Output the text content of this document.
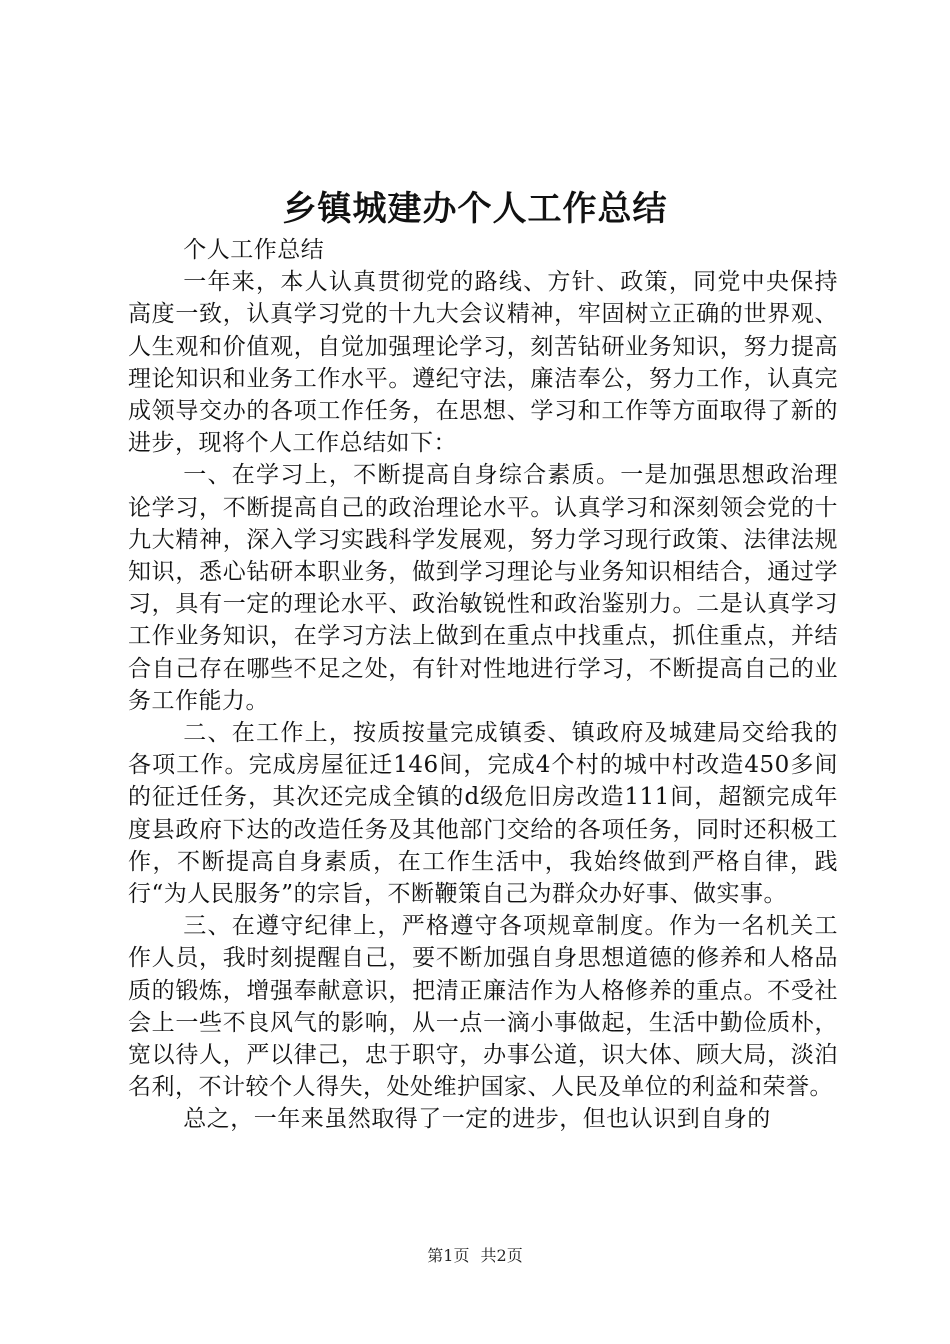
乡镇城建办个人工作总结

个人工作总结

一年来，本人认真贯彻党的路线、方针、政策，同党中央保持高度一致，认真学习党的十九大会议精神，牢固树立正确的世界观、人生观和价值观，自觉加强理论学习，刻苦钻研业务知识，努力提高理论知识和业务工作水平。遵纪守法，廉洁奉公，努力工作，认真完成领导交办的各项工作任务，在思想、学习和工作等方面取得了新的进步，现将个人工作总结如下：

一、在学习上，不断提高自身综合素质。一是加强思想政治理论学习，不断提高自己的政治理论水平。认真学习和深刻领会党的十九大精神，深入学习实践科学发展观，努力学习现行政策、法律法规知识，悉心钻研本职业务，做到学习理论与业务知识相结合，通过学习，具有一定的理论水平、政治敏锐性和政治鉴别力。二是认真学习工作业务知识，在学习方法上做到在重点中找重点，抓住重点，并结合自己存在哪些不足之处，有针对性地进行学习，不断提高自己的业务工作能力。

二、在工作上，按质按量完成镇委、镇政府及城建局交给我的各项工作。完成房屋征迁146间，完成4个村的城中村改造450多间的征迁任务，其次还完成全镇的d级危旧房改造111间，超额完成年度县政府下达的改造任务及其他部门交给的各项任务，同时还积极工作，不断提高自身素质，在工作生活中，我始终做到严格自律，践行“为人民服务”的宗旨，不断鞭策自己为群众办好事、做实事。

三、在遵守纪律上，严格遵守各项规章制度。作为一名机关工作人员，我时刻提醒自己，要不断加强自身思想道德的修养和人格品质的锻炼，增强奉献意识，把清正廉洁作为人格修养的重点。不受社会上一些不良风气的影响，从一点一滴小事做起，生活中勤俭质朴，宽以待人，严以律己，忠于职守，办事公道，识大体、顾大局，淡泊名利，不计较个人得失，处处维护国家、人民及单位的利益和荣誉。

总之，一年来虽然取得了一定的进步，但也认识到自身的

第1页 共2页
